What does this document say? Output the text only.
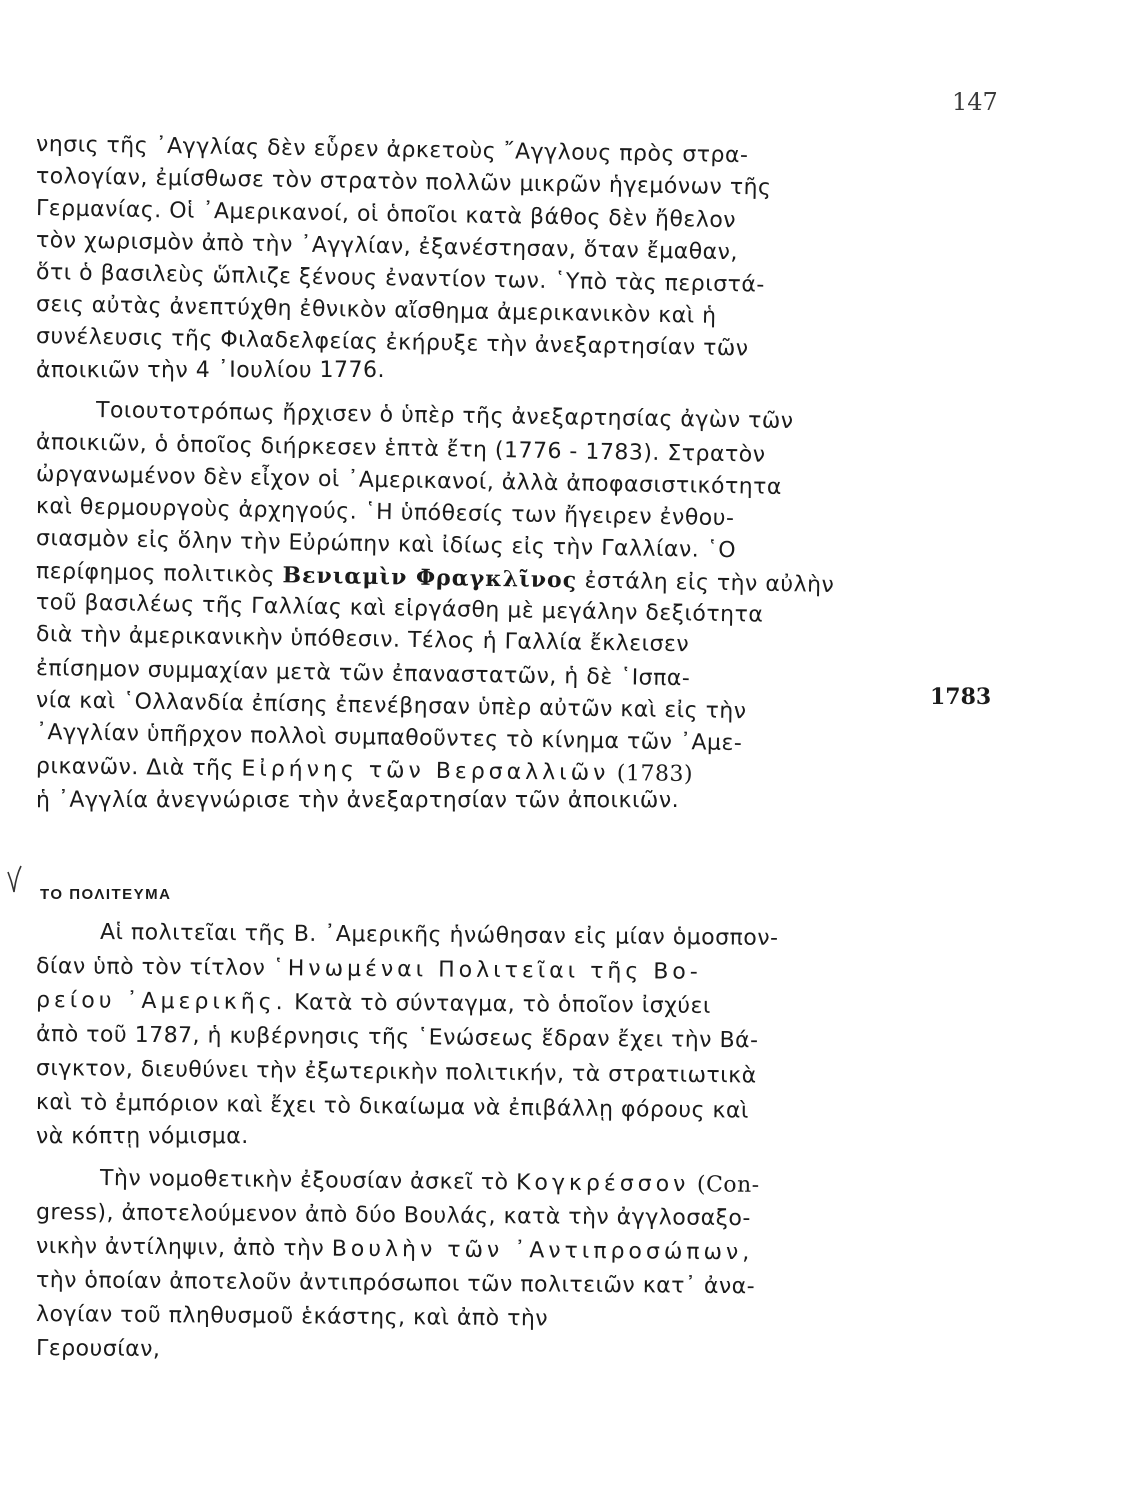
147
νησις τῆς ᾿Αγγλίας δὲν εὗρεν ἀρκετοὺς ῎Αγγλους πρὸς στρα-
τολογίαν, ἐμίσθωσε τὸν στρατὸν πολλῶν μικρῶν ἡγεμόνων τῆς
Γερμανίας. Οἱ ᾿Αμερικανοί, οἱ ὁποῖοι κατὰ βάθος δὲν ἤθελον
τὸν χωρισμὸν ἀπὸ τὴν ᾿Αγγλίαν, ἐξανέστησαν, ὅταν ἔμαθαν,
ὅτι ὁ βασιλεὺς ὥπλιζε ξένους ἐναντίον των. ῾Υπὸ τὰς περιστά-
σεις αὐτὰς ἀνεπτύχθη ἐθνικὸν αἴσθημα ἀμερικανικὸν καὶ ἡ
συνέλευσις τῆς Φιλαδελφείας ἐκήρυξε τὴν ἀνεξαρτησίαν τῶν
ἀποικιῶν τὴν 4 ᾿Ιουλίου 1776.
Τοιουτοτρόπως ἤρχισεν ὁ ὑπὲρ τῆς ἀνεξαρτησίας ἀγὼν τῶν
ἀποικιῶν, ὁ ὁποῖος διήρκεσεν ἑπτὰ ἔτη (1776 - 1783). Στρατὸν
ὠργανωμένον δὲν εἶχον οἱ ᾿Αμερικανοί, ἀλλὰ ἀποφασιστικότητα
καὶ θερμουργοὺς ἀρχηγούς. ῾Η ὑπόθεσίς των ἤγειρεν ἐνθου-
σιασμὸν εἰς ὅλην τὴν Εὐρώπην καὶ ἰδίως εἰς τὴν Γαλλίαν. ῾Ο
περίφημος πολιτικὸς Βενιαμὶν Φραγκλῖνος ἐστάλη εἰς τὴν αὐλὴν
τοῦ βασιλέως τῆς Γαλλίας καὶ εἰργάσθη μὲ μεγάλην δεξιότητα
διὰ τὴν ἀμερικανικὴν ὑπόθεσιν. Τέλος ἡ Γαλλία ἔκλεισεν
ἐπίσημον συμμαχίαν μετὰ τῶν ἐπαναστατῶν, ἡ δὲ ῾Ισπα-
1783
νία καὶ ῾Ολλανδία ἐπίσης ἐπενέβησαν ὑπὲρ αὐτῶν καὶ εἰς τὴν
᾿Αγγλίαν ὑπῆρχον πολλοὶ συμπαθοῦντες τὸ κίνημα τῶν ᾿Αμε-
ρικανῶν. Διὰ τῆς Εἰρήνης τῶν Βερσαλλιῶν (1783)
ἡ ᾿Αγγλία ἀνεγνώρισε τὴν ἀνεξαρτησίαν τῶν ἀποικιῶν.
ΤΟ ΠΟΛΙΤΕΥΜΑ
Αἱ πολιτεῖαι τῆς Β. ᾿Αμερικῆς ἡνώθησαν εἰς μίαν ὁμοσπον-
δίαν ὑπὸ τὸν τίτλον ῾Ηνωμέναι Πολιτεῖαι τῆς Βο-
ρείου ᾿Αμερικῆς. Κατὰ τὸ σύνταγμα, τὸ ὁποῖον ἰσχύει
ἀπὸ τοῦ 1787, ἡ κυβέρνησις τῆς ῾Ενώσεως ἕδραν ἔχει τὴν Βά-
σιγκτον, διευθύνει τὴν ἐξωτερικὴν πολιτικήν, τὰ στρατιωτικὰ
καὶ τὸ ἐμπόριον καὶ ἔχει τὸ δικαίωμα νὰ ἐπιβάλλῃ φόρους καὶ
νὰ κόπτῃ νόμισμα.
Τὴν νομοθετικὴν ἐξουσίαν ἀσκεῖ τὸ Κογκρέσσον (Con-
gress), ἀποτελούμενον ἀπὸ δύο Βουλάς, κατὰ τὴν ἀγγλοσαξο-
νικὴν ἀντίληψιν, ἀπὸ τὴν Βουλὴν τῶν ᾿Αντιπροσώπων,
τὴν ὁποίαν ἀποτελοῦν ἀντιπρόσωποι τῶν πολιτειῶν κατ᾿ ἀνα-
λογίαν τοῦ πληθυσμοῦ ἑκάστης, καὶ ἀπὸ τὴν
Γερουσίαν,
